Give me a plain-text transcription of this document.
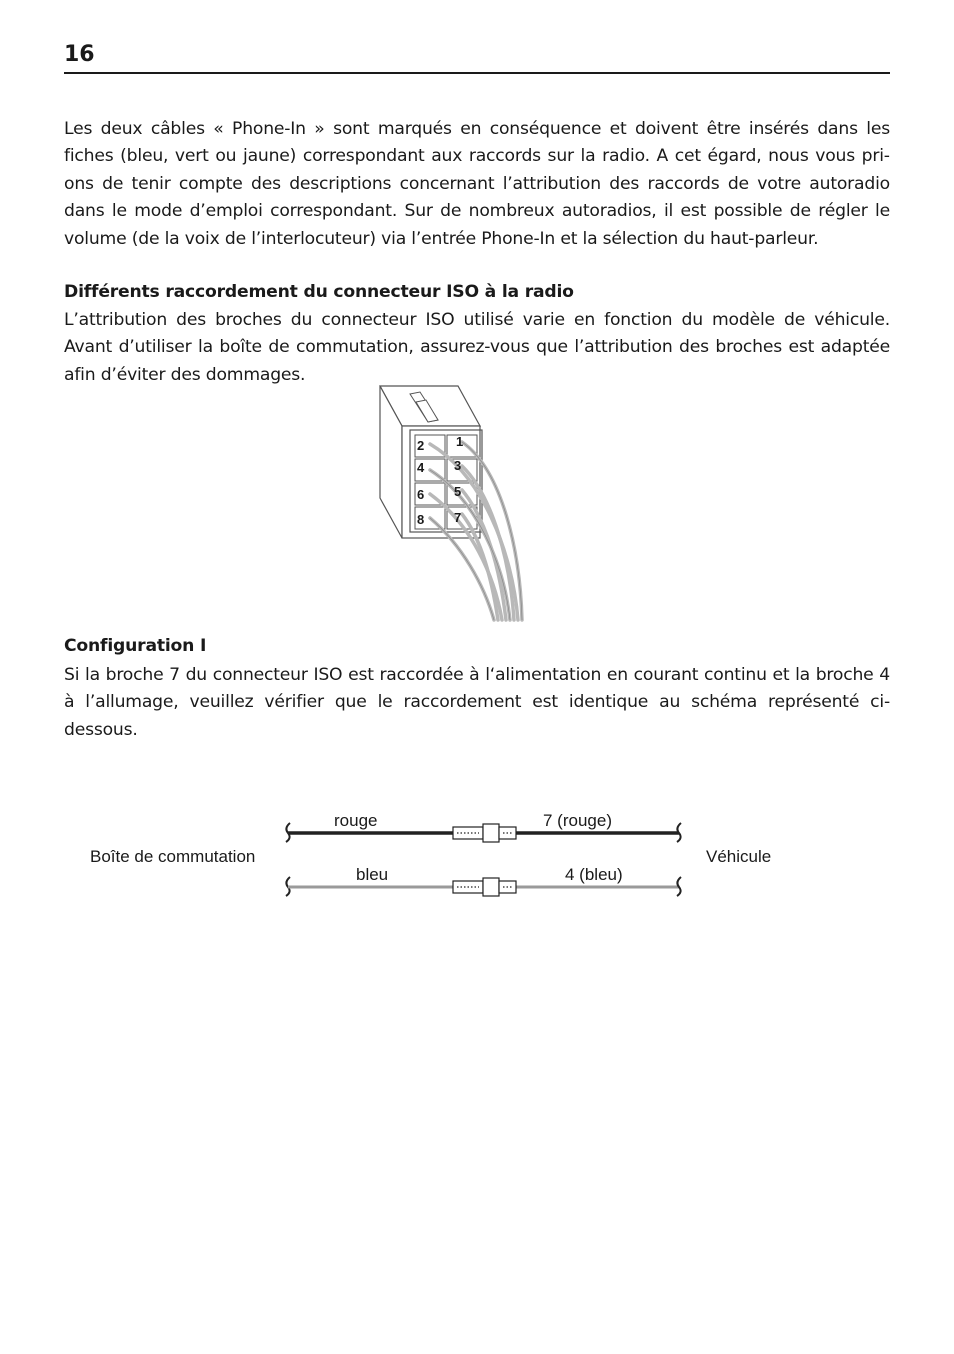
16

Les deux câbles « Phone-In » sont marqués en conséquence et doivent être insérés dans les fiches (bleu, vert ou jaune) correspondant aux raccords sur la radio. A cet égard, nous vous prions de tenir compte des descriptions concernant l’attribution des raccords de votre autoradio dans le mode d’emploi correspondant. Sur de nombreux autoradios, il est possible de régler le volume (de la voix de l’interlocuteur) via l’entrée Phone-In et la sélection du haut-parleur.

Différents raccordement du connecteur ISO à la radio

L’attribution des broches du connecteur ISO utilisé varie en fonction du modèle de véhicule. Avant d’utiliser la boîte de commutation, assurez-vous que l’attribution des broches est adaptée afin d’éviter des dommages.

2 1
4 3
6 5
8 7

Configuration I

Si la broche 7 du connecteur ISO est raccordée à l‘alimentation en courant continu et la broche 4 à l’allumage, veuillez vérifier que le raccordement est identique au schéma représenté ci-dessous.

Boîte de commutation	Véhicule
rouge	7 (rouge)
bleu	4 (bleu)
